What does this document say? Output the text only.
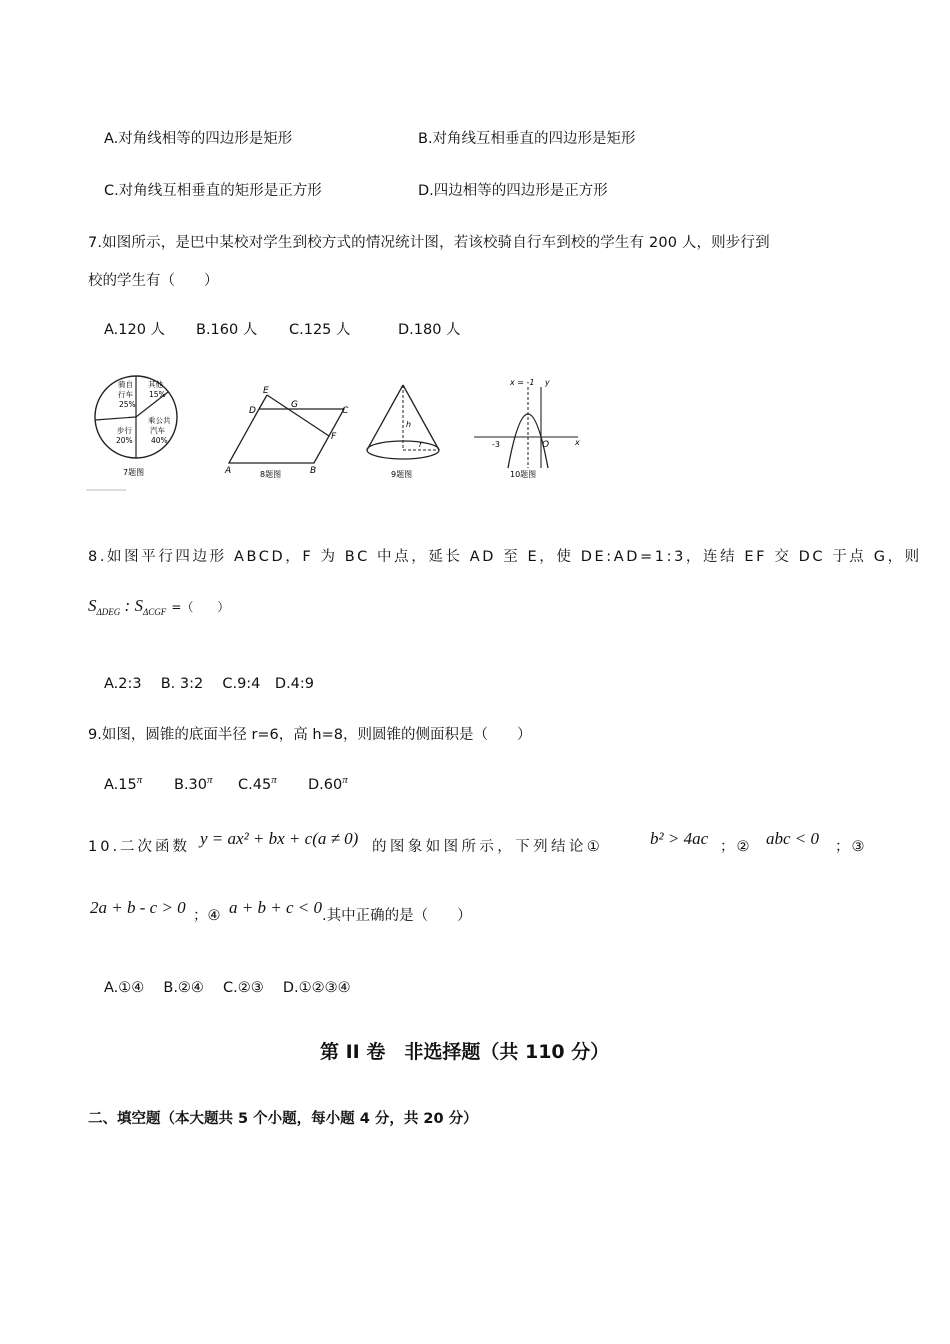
A.对角线相等的四边形是矩形	B.对角线互相垂直的四边形是矩形
C.对角线互相垂直的矩形是正方形	D.四边相等的四边形是正方形
7.如图所示，是巴中某校对学生到校方式的情况统计图，若该校骑自行车到校的学生有 200 人，则步行到
校的学生有（　　）
A.120 人 B.160 人 C.125 人	D.180 人
骑自
行车
25%
其他
15%
步行
20%
乘公共
汽车
40%
7题图
E
D
G
C
F
A	B
8题图
h
r
9题图
x = -1 y
-3	O	x
10题图
8.如图平行四边形 ABCD，F 为 BC 中点，延长 AD 至 E，使 DE:AD=1:3，连结 EF 交 DC 于点 G，则
$S_{\Delta DEG}$ : $S_{\Delta CGF}$ =（　　）
A.2:3　 B. 3:2　 C.9:4　D.4:9
9.如图，圆锥的底面半径 r=6，高 h=8，则圆锥的侧面积是（　　）
$A.15^\pi$ $B.30^\pi$ $C.45^\pi$ $D.60^\pi$
10.二次函数 y = ax² + bx + c(a ≠ 0) 的图象如图所示，下列结论①	b² > 4ac ；② abc < 0 ；③
2a + b - c > 0 ；④ a + b + c < 0 .其中正确的是（　　）
A.①④　 B.②④　 C.②③　 D.①②③④
第 II 卷　非选择题（共 110 分）
二、填空题（本大题共 5 个小题，每小题 4 分，共 20 分）
